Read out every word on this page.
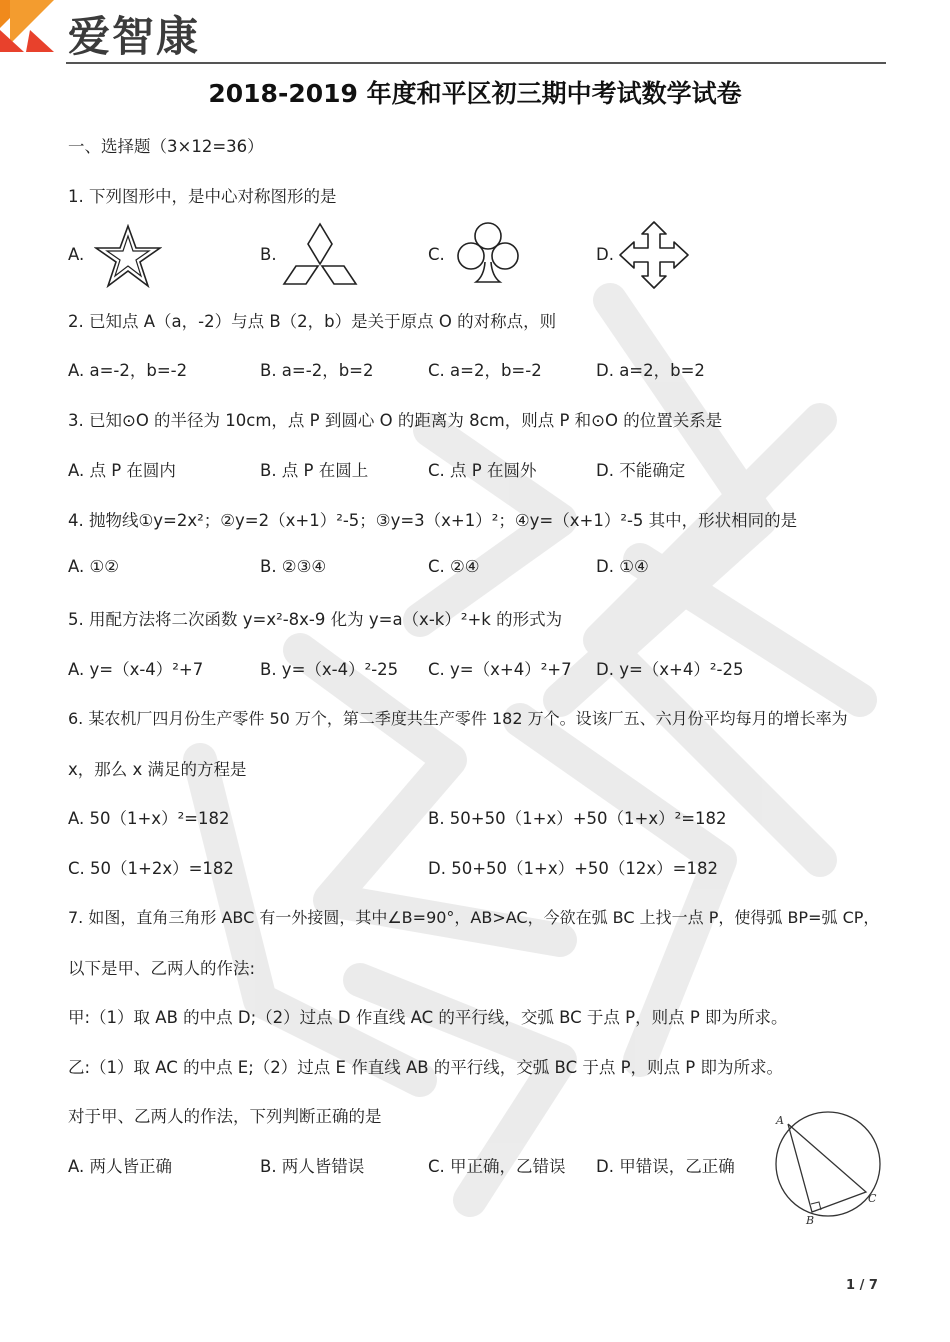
爱智康
2018-2019 年度和平区初三期中考试数学试卷
一、选择题（3×12=36）
1. 下列图形中，是中心对称图形的是
A.	B.	C.	D.
2. 已知点 A（a，-2）与点 B（2，b）是关于原点 O 的对称点，则
A. a=-2，b=-2	B. a=-2，b=2	C. a=2，b=-2	D. a=2，b=2
3. 已知⊙O 的半径为 10cm，点 P 到圆心 O 的距离为 8cm，则点 P 和⊙O 的位置关系是
A. 点 P 在圆内	B. 点 P 在圆上	C. 点 P 在圆外	D. 不能确定
4. 抛物线①y=2x²；②y=2（x+1）²-5；③y=3（x+1）²；④y=（x+1）²-5 其中，形状相同的是
A. ①②	B. ②③④	C. ②④	D. ①④
5. 用配方法将二次函数 y=x²-8x-9 化为 y=a（x-k）²+k 的形式为
A. y=（x-4）²+7	B. y=（x-4）²-25 C. y=（x+4）²+7 D. y=（x+4）²-25
6. 某农机厂四月份生产零件 50 万个，第二季度共生产零件 182 万个。设该厂五、六月份平均每月的增长率为
x，那么 x 满足的方程是
A. 50（1+x）²=182	B. 50+50（1+x）+50（1+x）²=182
C. 50（1+2x）=182	D. 50+50（1+x）+50（12x）=182
7. 如图，直角三角形 ABC 有一外接圆，其中∠B=90°，AB>AC，今欲在弧 BC 上找一点 P，使得弧 BP=弧 CP，
以下是甲、乙两人的作法:
甲:（1）取 AB 的中点 D;（2）过点 D 作直线 AC 的平行线，交弧 BC 于点 P，则点 P 即为所求。
乙:（1）取 AC 的中点 E;（2）过点 E 作直线 AB 的平行线，交弧 BC 于点 P，则点 P 即为所求。
对于甲、乙两人的作法，下列判断正确的是
A. 两人皆正确	B. 两人皆错误	C. 甲正确，乙错误 D. 甲错误，乙正确
A
B
C
1 / 7
